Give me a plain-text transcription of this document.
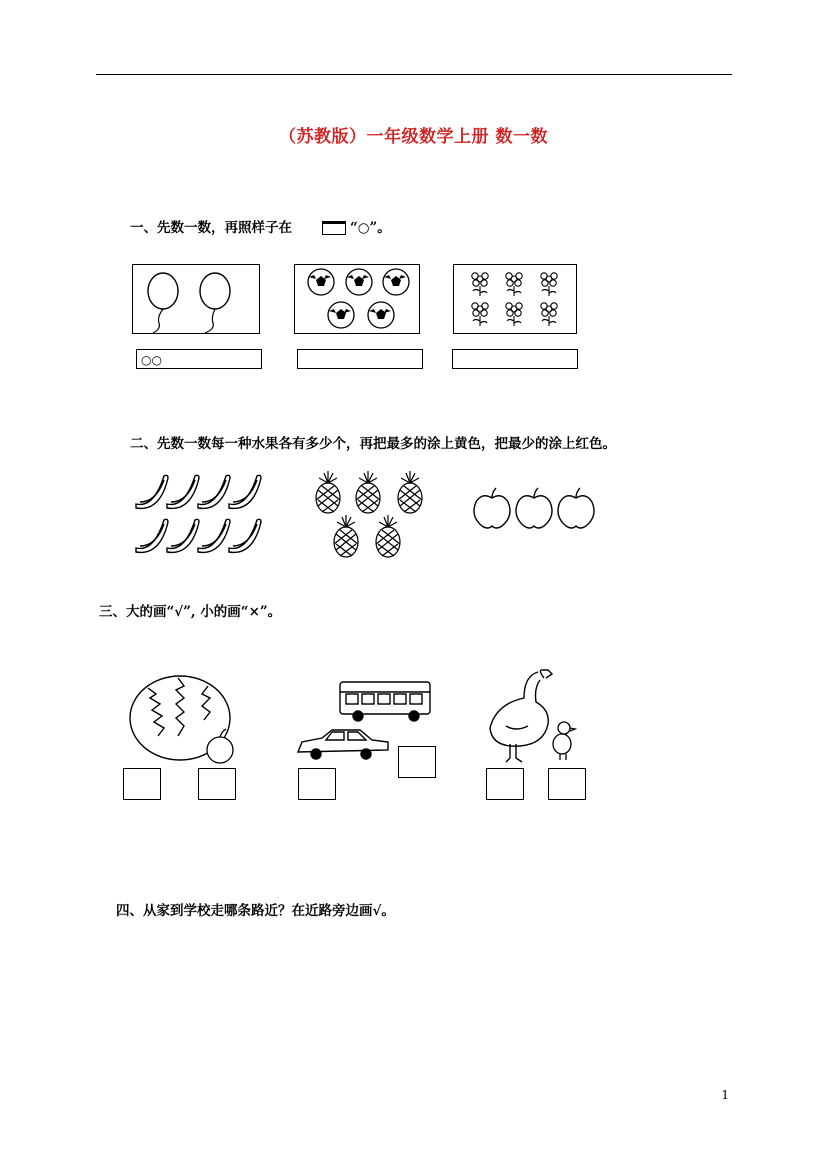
（苏教版）一年级数学上册 数一数
一、先数一数，再照样子在	“○”。
○○
二、先数一数每一种水果各有多少个，再把最多的涂上黄色，把最少的涂上红色。
三、大的画“√”, 小的画“×”。
四、从家到学校走哪条路近？在近路旁边画√。
1
